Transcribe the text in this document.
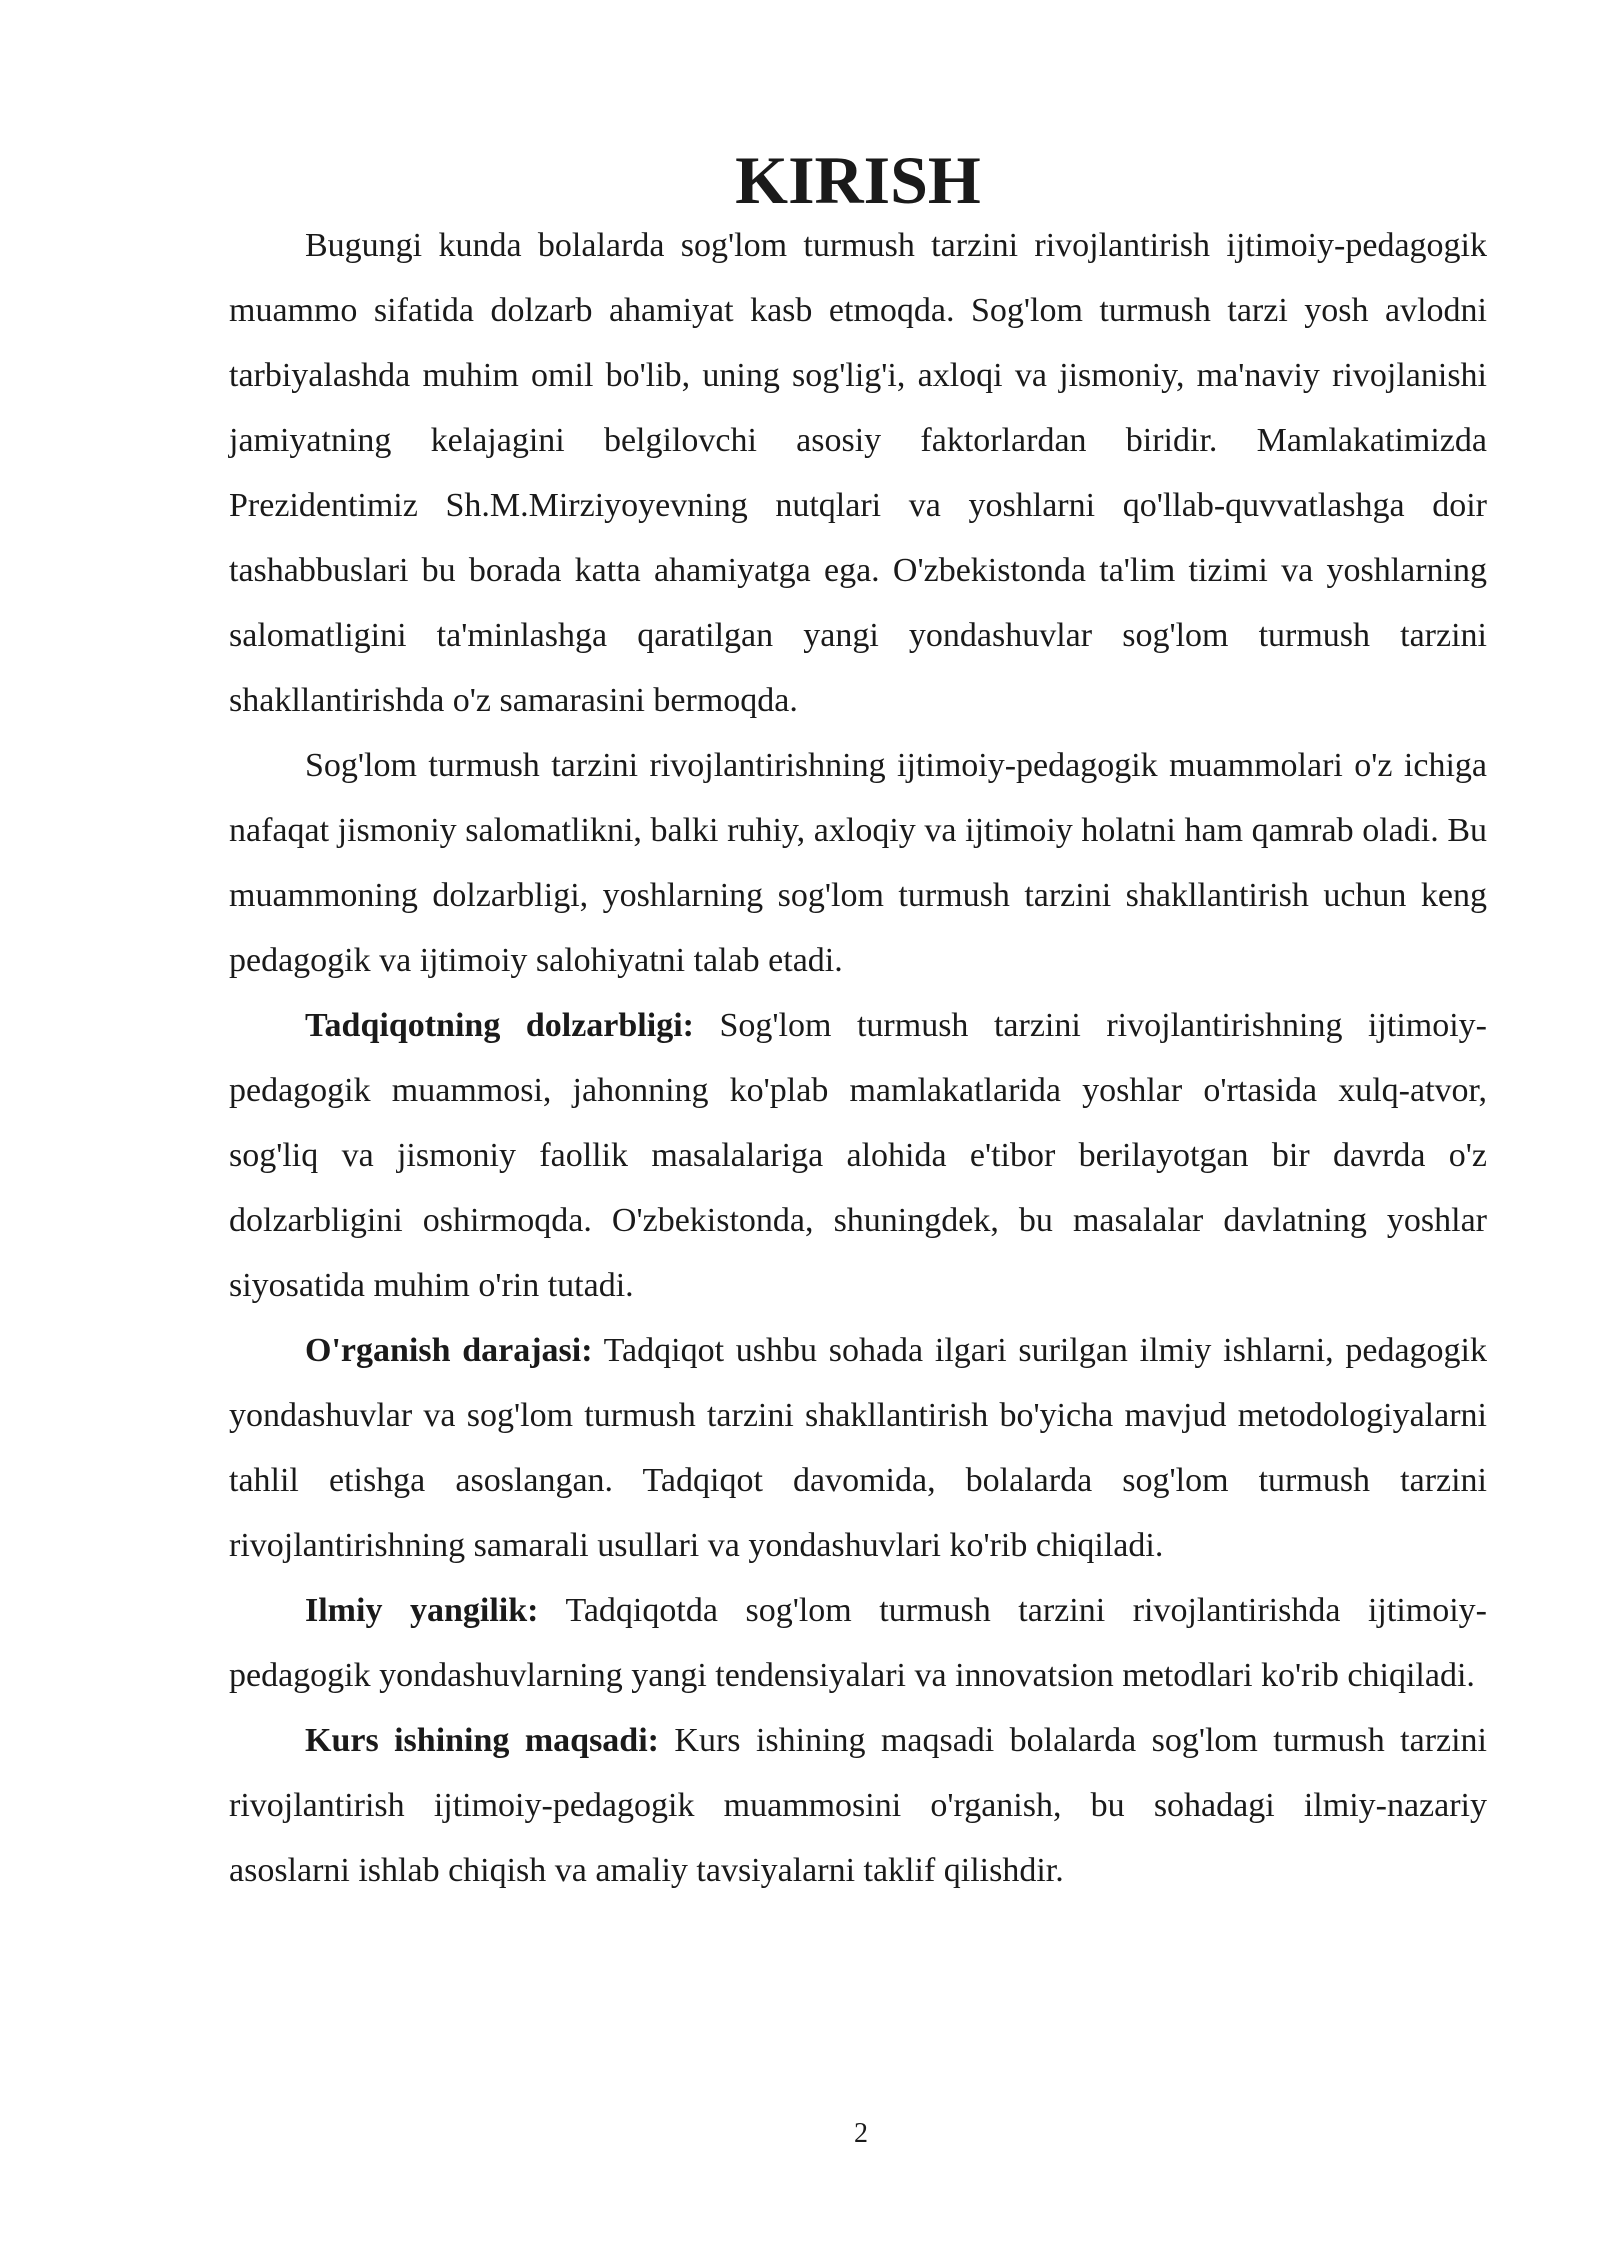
KIRISH

Bugungi kunda bolalarda sog'lom turmush tarzini rivojlantirish ijtimoiy-pedagogik muammo sifatida dolzarb ahamiyat kasb etmoqda. Sog'lom turmush tarzi yosh avlodni tarbiyalashda muhim omil bo'lib, uning sog'lig'i, axloqi va jismoniy, ma'naviy rivojlanishi jamiyatning kelajagini belgilovchi asosiy faktorlardan biridir. Mamlakatimizda Prezidentimiz Sh.M.Mirziyoyevning nutqlari va yoshlarni qo'llab-quvvatlashga doir tashabbuslari bu borada katta ahamiyatga ega. O'zbekistonda ta'lim tizimi va yoshlarning salomatligini ta'minlashga qaratilgan yangi yondashuvlar sog'lom turmush tarzini shakllantirishda o'z samarasini bermoqda.

Sog'lom turmush tarzini rivojlantirishning ijtimoiy-pedagogik muammolari o'z ichiga nafaqat jismoniy salomatlikni, balki ruhiy, axloqiy va ijtimoiy holatni ham qamrab oladi. Bu muammoning dolzarbligi, yoshlarning sog'lom turmush tarzini shakllantirish uchun keng pedagogik va ijtimoiy salohiyatni talab etadi.

Tadqiqotning dolzarbligi: Sog'lom turmush tarzini rivojlantirishning ijtimoiy-pedagogik muammosi, jahonning ko'plab mamlakatlarida yoshlar o'rtasida xulq-atvor, sog'liq va jismoniy faollik masalalariga alohida e'tibor berilayotgan bir davrda o'z dolzarbligini oshirmoqda. O'zbekistonda, shuningdek, bu masalalar davlatning yoshlar siyosatida muhim o'rin tutadi.

O'rganish darajasi: Tadqiqot ushbu sohada ilgari surilgan ilmiy ishlarni, pedagogik yondashuvlar va sog'lom turmush tarzini shakllantirish bo'yicha mavjud metodologiyalarni tahlil etishga asoslangan. Tadqiqot davomida, bolalarda sog'lom turmush tarzini rivojlantirishning samarali usullari va yondashuvlari ko'rib chiqiladi.

Ilmiy yangilik: Tadqiqotda sog'lom turmush tarzini rivojlantirishda ijtimoiy-pedagogik yondashuvlarning yangi tendensiyalari va innovatsion metodlari ko'rib chiqiladi.

Kurs ishining maqsadi: Kurs ishining maqsadi bolalarda sog'lom turmush tarzini rivojlantirish ijtimoiy-pedagogik muammosini o'rganish, bu sohadagi ilmiy-nazariy asoslarni ishlab chiqish va amaliy tavsiyalarni taklif qilishdir.

2
